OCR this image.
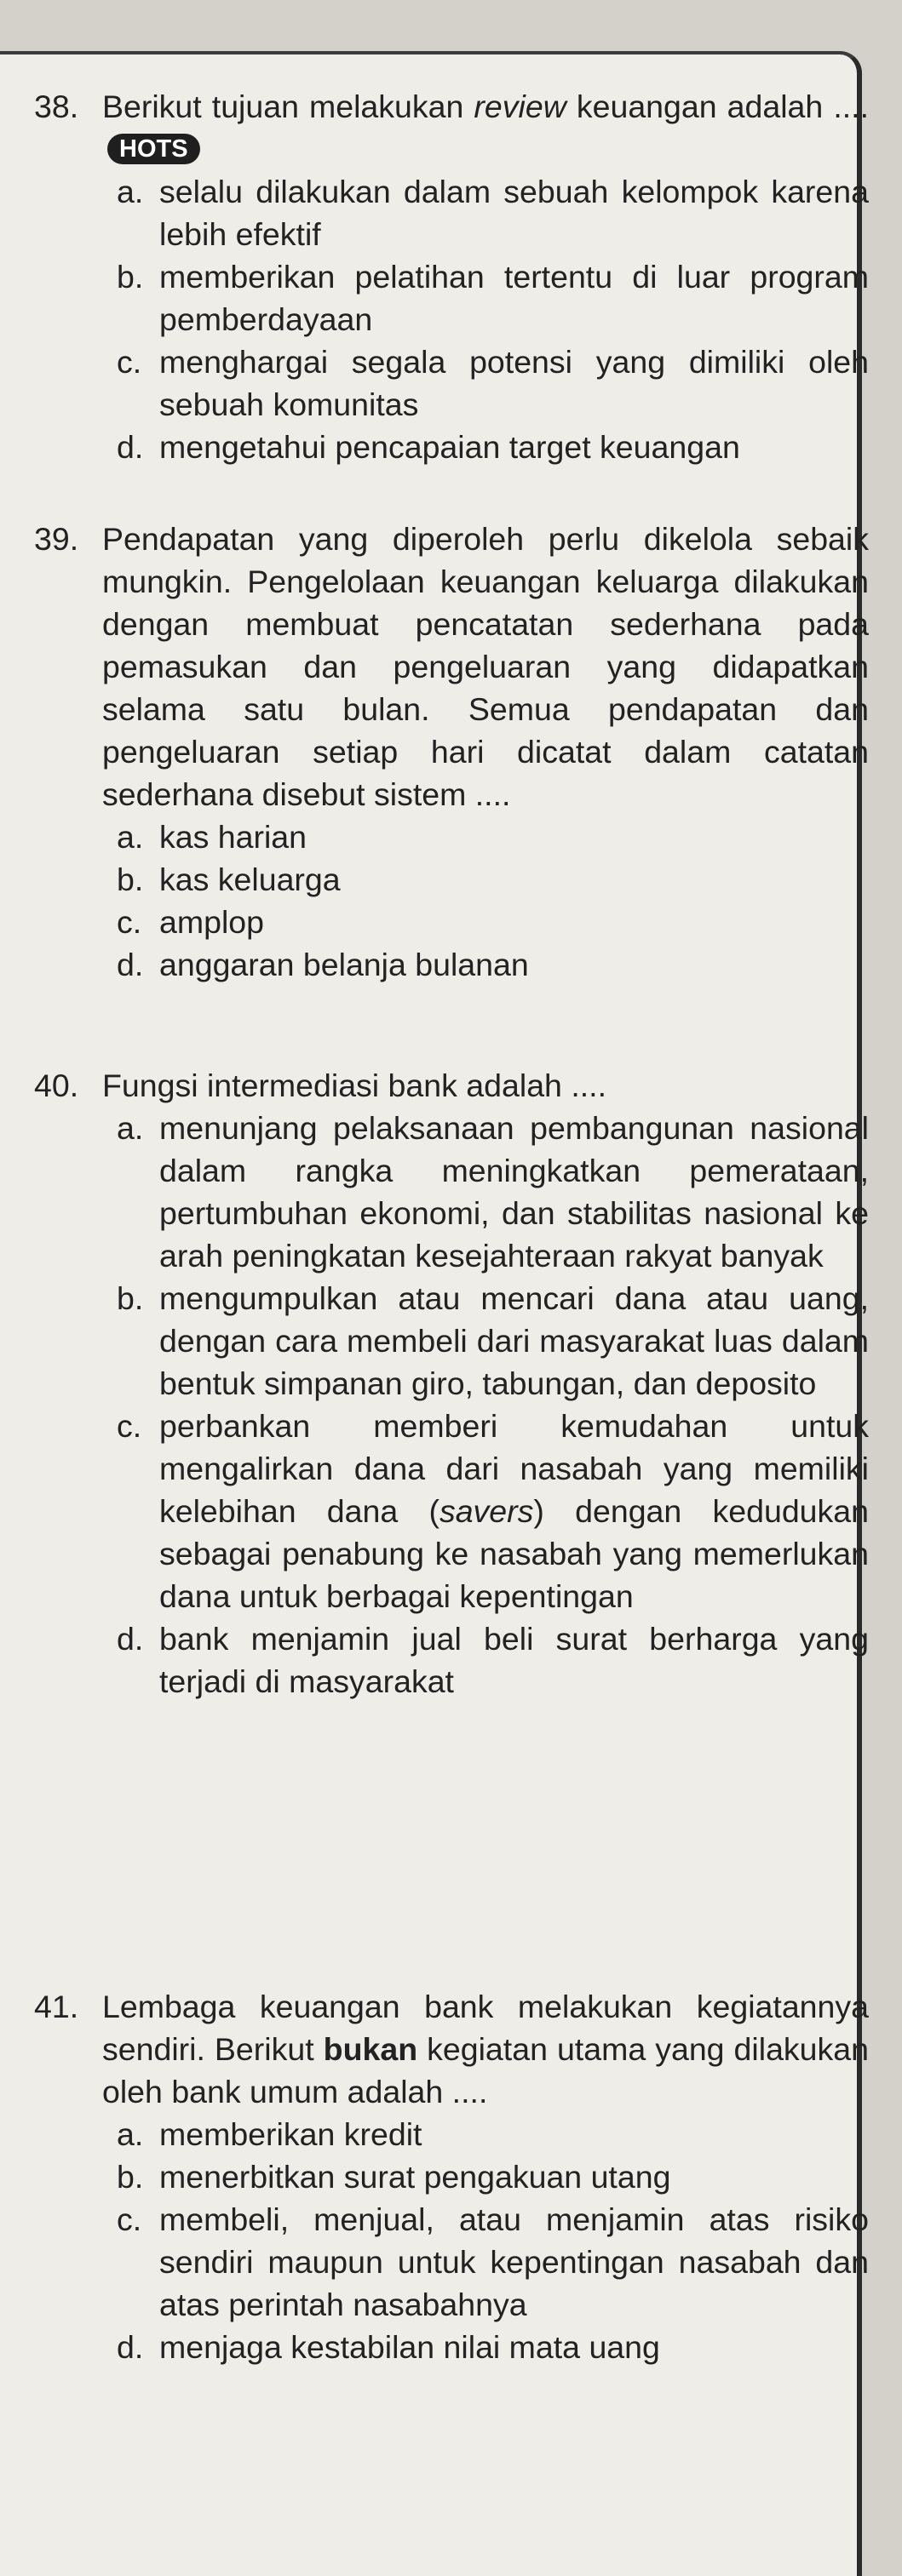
38. Berikut tujuan melakukan review keuangan adalah ....HOTS
a. selalu dilakukan dalam sebuah kelompok karena lebih efektif
b. memberikan pelatihan tertentu di luar program pemberdayaan
c. menghargai segala potensi yang dimiliki oleh sebuah komunitas
d. mengetahui pencapaian target keuangan
39. Pendapatan yang diperoleh perlu dikelola sebaik mungkin. Pengelolaan keuangan keluarga dilakukan dengan membuat pencatatan sederhana pada pemasukan dan pengeluaran yang didapatkan selama satu bulan. Semua pendapatan dan pengeluaran setiap hari dicatat dalam catatan sederhana disebut sistem ....
a. kas harian
b. kas keluarga
c. amplop
d. anggaran belanja bulanan
40. Fungsi intermediasi bank adalah ....
a. menunjang pelaksanaan pembangunan nasional dalam rangka meningkatkan pemerataan, pertumbuhan ekonomi, dan stabilitas nasional ke arah peningkatan kesejahteraan rakyat banyak
b. mengumpulkan atau mencari dana atau uang, dengan cara membeli dari masyarakat luas dalam bentuk simpanan giro, tabungan, dan deposito
c. perbankan memberi kemudahan untuk mengalirkan dana dari nasabah yang memiliki kelebihan dana (savers) dengan kedudukan sebagai penabung ke nasabah yang memerlukan dana untuk berbagai kepentingan
d. bank menjamin jual beli surat berharga yang terjadi di masyarakat
41. Lembaga keuangan bank melakukan kegiatannya sendiri. Berikut bukan kegiatan utama yang dilakukan oleh bank umum adalah ....
a. memberikan kredit
b. menerbitkan surat pengakuan utang
c. membeli, menjual, atau menjamin atas risiko sendiri maupun untuk kepentingan nasabah dan atas perintah nasabahnya
d. menjaga kestabilan nilai mata uang
